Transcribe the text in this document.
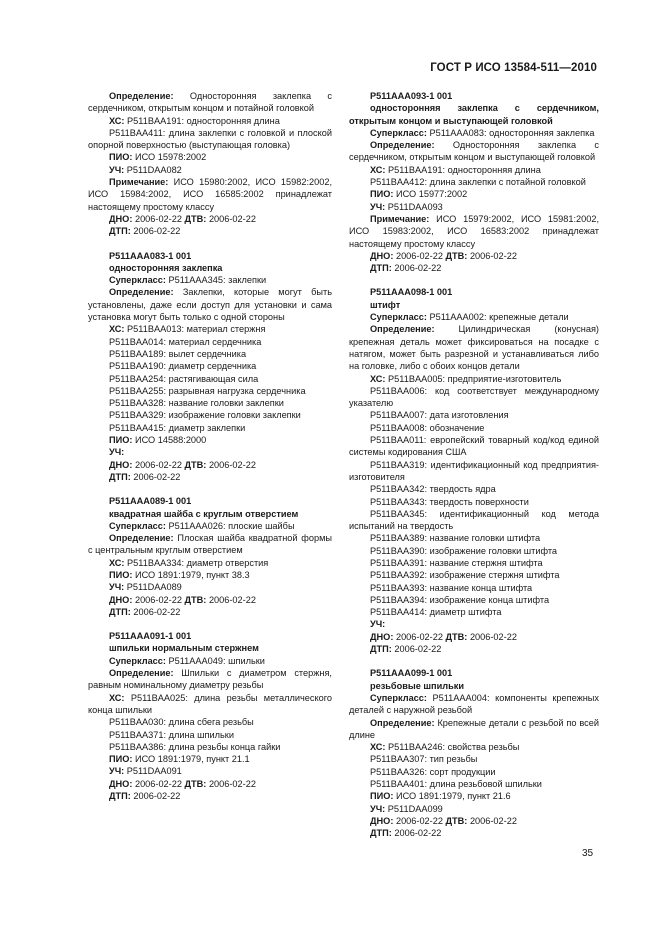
ГОСТ Р ИСО 13584-511—2010
Определение: Односторонняя заклепка с сердечником, открытым концом и потайной головкой
ХС: P511BAA191: односторонняя длина
P511BAA411: длина заклепки с головкой и плоской опорной поверхностью (выступающая головка)
ПИО: ИСО 15978:2002
УЧ: P511DAA082
Примечание: ИСО 15980:2002, ИСО 15982:2002, ИСО 15984:2002, ИСО 16585:2002 принадлежат настоящему простому классу
ДНО: 2006-02-22 ДТВ: 2006-02-22
ДТП: 2006-02-22
P511AAA083-1 001
односторонняя заклепка
Суперкласс: P511AAA345: заклепки
Определение: Заклепки, которые могут быть установлены, даже если доступ для установки и сама установка могут быть только с одной стороны
ХС: P511BAA013: материал стержня
P511BAA014: материал сердечника
P511BAA189: вылет сердечника
P511BAA190: диаметр сердечника
P511BAA254: растягивающая сила
P511BAA255: разрывная нагрузка сердечника
P511BAA328: название головки заклепки
P511BAA329: изображение головки заклепки
P511BAA415: диаметр заклепки
ПИО: ИСО 14588:2000
УЧ:
ДНО: 2006-02-22 ДТВ: 2006-02-22
ДТП: 2006-02-22
P511AAA089-1 001
квадратная шайба с круглым отверстием
Суперкласс: P511AAA026: плоские шайбы
Определение: Плоская шайба квадратной формы с центральным круглым отверстием
ХС: P511BAA334: диаметр отверстия
ПИО: ИСО 1891:1979, пункт 38.3
УЧ: P511DAA089
ДНО: 2006-02-22 ДТВ: 2006-02-22
ДТП: 2006-02-22
P511AAA091-1 001
шпильки нормальным стержнем
Суперкласс: P511AAA049: шпильки
Определение: Шпильки с диаметром стержня, равным номинальному диаметру резьбы
ХС: P511BAA025: длина резьбы металлического конца шпильки
P511BAA030: длина сбега резьбы
P511BAA371: длина шпильки
P511BAA386: длина резьбы конца гайки
ПИО: ИСО 1891:1979, пункт 21.1
УЧ: P511DAA091
ДНО: 2006-02-22 ДТВ: 2006-02-22
ДТП: 2006-02-22
P511AAA093-1 001
односторонняя заклепка с сердечником, открытым концом и выступающей головкой
Суперкласс: P511AAA083: односторонняя заклепка
Определение: Односторонняя заклепка с сердечником, открытым концом и выступающей головкой
ХС: P511BAA191: односторонняя длина
P511BAA412: длина заклепки с потайной головкой
ПИО: ИСО 15977:2002
УЧ: P511DAA093
Примечание: ИСО 15979:2002, ИСО 15981:2002, ИСО 15983:2002, ИСО 16583:2002 принадлежат настоящему простому классу
ДНО: 2006-02-22 ДТВ: 2006-02-22
ДТП: 2006-02-22
P511AAA098-1 001
штифт
Суперкласс: P511AAA002: крепежные детали
Определение:	Цилиндрическая (конусная) крепежная деталь может фиксироваться на посадке с натягом, может быть разрезной и устанавливаться либо на головке, либо с обоих концов детали
ХС: P511BAA005: предприятие-изготовитель
P511BAA006: код соответствует международному указателю
P511BAA007: дата изготовления
P511BAA008: обозначение
P511BAA011: европейский товарный код/код единой системы кодирования США
P511BAA319: идентификационный код предприятия-изготовителя
P511BAA342: твердость ядра
P511BAA343: твердость поверхности
P511BAA345: идентификационный код метода испытаний на твердость
P511BAA389: название головки штифта
P511BAA390: изображение головки штифта
P511BAA391: название стержня штифта
P511BAA392: изображение стержня штифта
P511BAA393: название конца штифта
P511BAA394: изображение конца штифта
P511BAA414: диаметр штифта
УЧ:
ДНО: 2006-02-22 ДТВ: 2006-02-22
ДТП: 2006-02-22
P511AAA099-1 001
резьбовые шпильки
Суперкласс: P511AAA004: компоненты крепежных деталей с наружной резьбой
Определение: Крепежные детали с резьбой по всей длине
ХС: P511BAA246: свойства резьбы
P511BAA307: тип резьбы
P511BAA326: сорт продукции
P511BAA401: длина резьбовой шпильки
ПИО: ИСО 1891:1979, пункт 21.6
УЧ: P511DAA099
ДНО: 2006-02-22 ДТВ: 2006-02-22
ДТП: 2006-02-22
35
